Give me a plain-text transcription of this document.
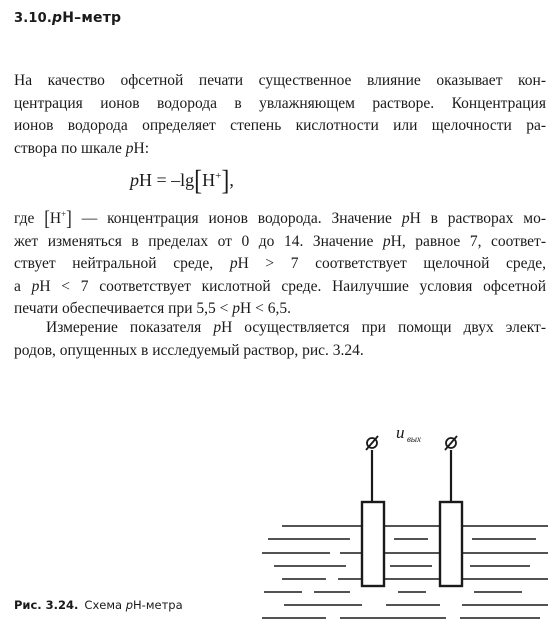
3.10.pH–метр
На качество офсетной печати существенное влияние оказывает кон-
центрация ионов водорода в увлажняющем растворе. Концентрация
ионов водорода определяет степень кислотности или щелочности ра-
створа по шкале pH:
pH = –lg[H+],
где [H+] — концентрация ионов водорода. Значение pH в растворах мо-
жет изменяться в пределах от 0 до 14. Значение pH, равное 7, соответ-
ствует нейтральной среде, pH > 7 соответствует щелочной среде,
а pH < 7 соответствует кислотной среде. Наилучшие условия офсетной
печати обеспечивается при 5,5 < pH < 6,5.
Измерение показателя pH осуществляется при помощи двух элект-
родов, опущенных в исследуемый раствор, рис. 3.24.
u вых
Рис. 3.24. Схема pH-метра
